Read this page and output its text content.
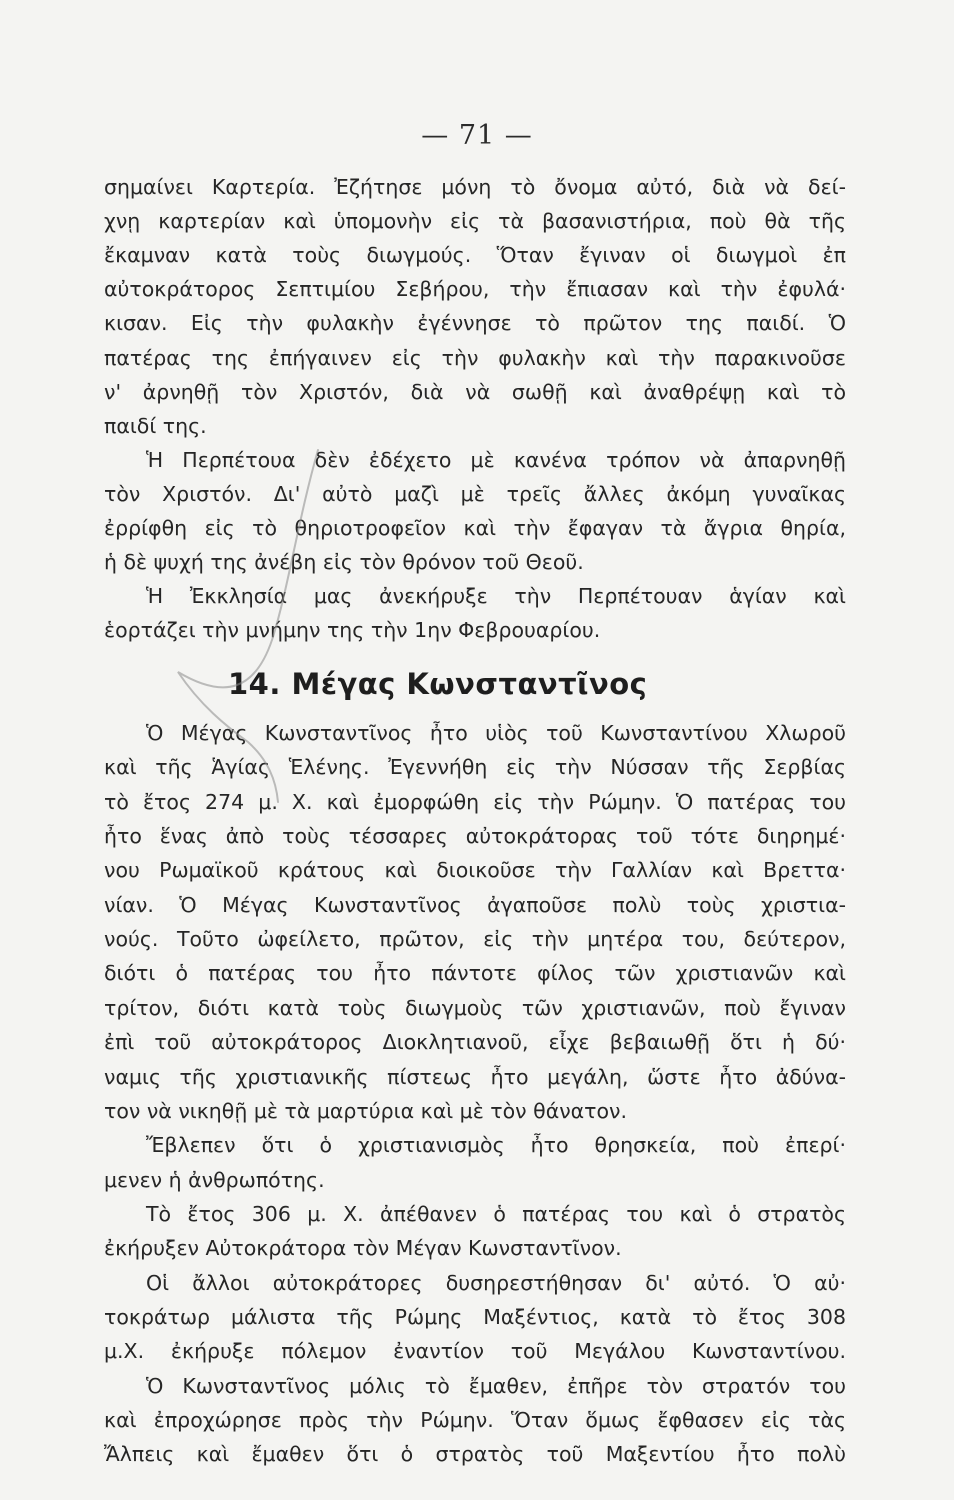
— 71 —
σημαίνει Καρτερία. Ἐζήτησε μόνη τὸ ὄνομα αὐτό, διὰ νὰ δεί-
χνῃ καρτερίαν καὶ ὑπομονὴν εἰς τὰ βασανιστήρια, ποὺ θὰ τῆς
ἔκαμναν κατὰ τοὺς διωγμούς. Ὅταν ἔγιναν οἱ διωγμοὶ ἐπ
αὐτοκράτορος Σεπτιμίου Σεβήρου, τὴν ἔπιασαν καὶ τὴν ἐφυλά·
κισαν. Εἰς τὴν φυλακὴν ἐγέννησε τὸ πρῶτον της παιδί. Ὁ
πατέρας της ἐπήγαινεν εἰς τὴν φυλακὴν καὶ τὴν παρακινοῦσε
ν' ἀρνηθῇ τὸν Χριστόν, διὰ νὰ σωθῇ καὶ ἀναθρέψῃ καὶ τὸ
παιδί της.
Ἡ Περπέτουα δὲν ἐδέχετο μὲ κανένα τρόπον νὰ ἀπαρνηθῇ
τὸν Χριστόν. Δι' αὐτὸ μαζὶ μὲ τρεῖς ἄλλες ἀκόμη γυναῖκας
ἐρρίφθη εἰς τὸ θηριοτροφεῖον καὶ τὴν ἔφαγαν τὰ ἄγρια θηρία,
ἡ δὲ ψυχή της ἀνέβη εἰς τὸν θρόνον τοῦ Θεοῦ.
Ἡ Ἐκκλησία μας ἀνεκήρυξε τὴν Περπέτουαν ἁγίαν καὶ
ἑορτάζει τὴν μνήμην της τὴν 1ην Φεβρουαρίου.
14. Μέγας Κωνσταντῖνος
Ὁ Μέγας Κωνσταντῖνος ἦτο υἱὸς τοῦ Κωνσταντίνου Χλωροῦ
καὶ τῆς Ἁγίας Ἑλένης. Ἐγεννήθη εἰς τὴν Νύσσαν τῆς Σερβίας
τὸ ἔτος 274 μ. Χ. καὶ ἐμορφώθη εἰς τὴν Ρώμην. Ὁ πατέρας του
ἦτο ἕνας ἀπὸ τοὺς τέσσαρες αὐτοκράτορας τοῦ τότε διηρημέ·
νου Ρωμαϊκοῦ κράτους καὶ διοικοῦσε τὴν Γαλλίαν καὶ Βρεττα·
νίαν. Ὁ Μέγας Κωνσταντῖνος ἀγαποῦσε πολὺ τοὺς χριστια-
νούς. Τοῦτο ὠφείλετο, πρῶτον, εἰς τὴν μητέρα του, δεύτερον,
διότι ὁ πατέρας του ἦτο πάντοτε φίλος τῶν χριστιανῶν καὶ
τρίτον, διότι κατὰ τοὺς διωγμοὺς τῶν χριστιανῶν, ποὺ ἔγιναν
ἐπὶ τοῦ αὐτοκράτορος Διοκλητιανοῦ, εἶχε βεβαιωθῇ ὅτι ἡ δύ·
ναμις τῆς χριστιανικῆς πίστεως ἦτο μεγάλη, ὥστε ἦτο ἀδύνα-
τον νὰ νικηθῇ μὲ τὰ μαρτύρια καὶ μὲ τὸν θάνατον.
Ἔβλεπεν ὅτι ὁ χριστιανισμὸς ἦτο θρησκεία, ποὺ ἐπερί·
μενεν ἡ ἀνθρωπότης.
Τὸ ἔτος 306 μ. Χ. ἀπέθανεν ὁ πατέρας του καὶ ὁ στρατὸς
ἐκήρυξεν Αὐτοκράτορα τὸν Μέγαν Κωνσταντῖνον.
Οἱ ἄλλοι αὐτοκράτορες δυσηρεστήθησαν δι' αὐτό. Ὁ αὐ·
τοκράτωρ μάλιστα τῆς Ρώμης Μαξέντιος, κατὰ τὸ ἔτος 308
μ.Χ. ἐκήρυξε πόλεμον ἐναντίον τοῦ Μεγάλου Κωνσταντίνου.
Ὁ Κωνσταντῖνος μόλις τὸ ἔμαθεν, ἐπῆρε τὸν στρατόν του
καὶ ἐπροχώρησε πρὸς τὴν Ρώμην. Ὅταν ὅμως ἔφθασεν εἰς τὰς
Ἄλπεις καὶ ἔμαθεν ὅτι ὁ στρατὸς τοῦ Μαξεντίου ἦτο πολὺ
